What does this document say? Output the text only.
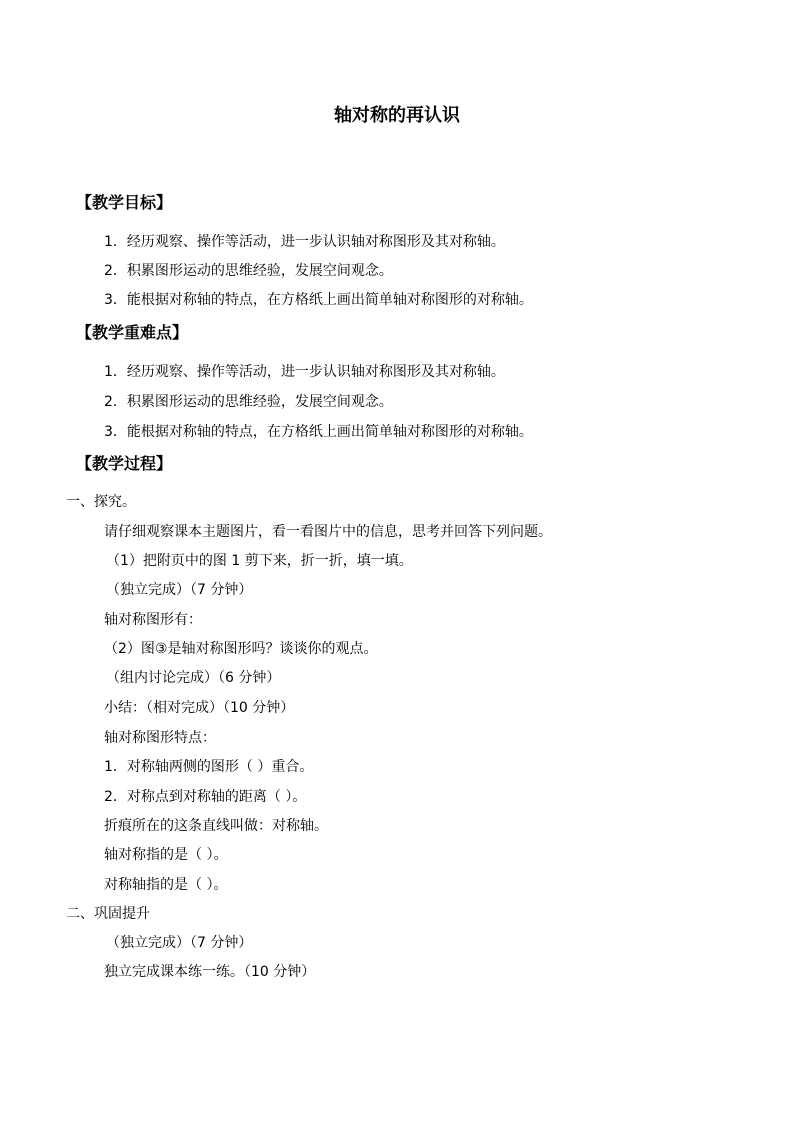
轴对称的再认识
【教学目标】
1．经历观察、操作等活动，进一步认识轴对称图形及其对称轴。
2．积累图形运动的思维经验，发展空间观念。
3．能根据对称轴的特点，在方格纸上画出简单轴对称图形的对称轴。
【教学重难点】
1．经历观察、操作等活动，进一步认识轴对称图形及其对称轴。
2．积累图形运动的思维经验，发展空间观念。
3．能根据对称轴的特点，在方格纸上画出简单轴对称图形的对称轴。
【教学过程】
一、探究。
请仔细观察课本主题图片，看一看图片中的信息，思考并回答下列问题。
（1）把附页中的图 1 剪下来，折一折，填一填。
（独立完成）（7 分钟）
轴对称图形有：
（2）图③是轴对称图形吗？谈谈你的观点。
（组内讨论完成）（6 分钟）
小结：（相对完成）（10 分钟）
轴对称图形特点：
1．对称轴两侧的图形（ ）重合。
2．对称点到对称轴的距离（ ）。
折痕所在的这条直线叫做：对称轴。
轴对称指的是（ ）。
对称轴指的是（ ）。
二、巩固提升
（独立完成）（7 分钟）
独立完成课本练一练。（10 分钟）
